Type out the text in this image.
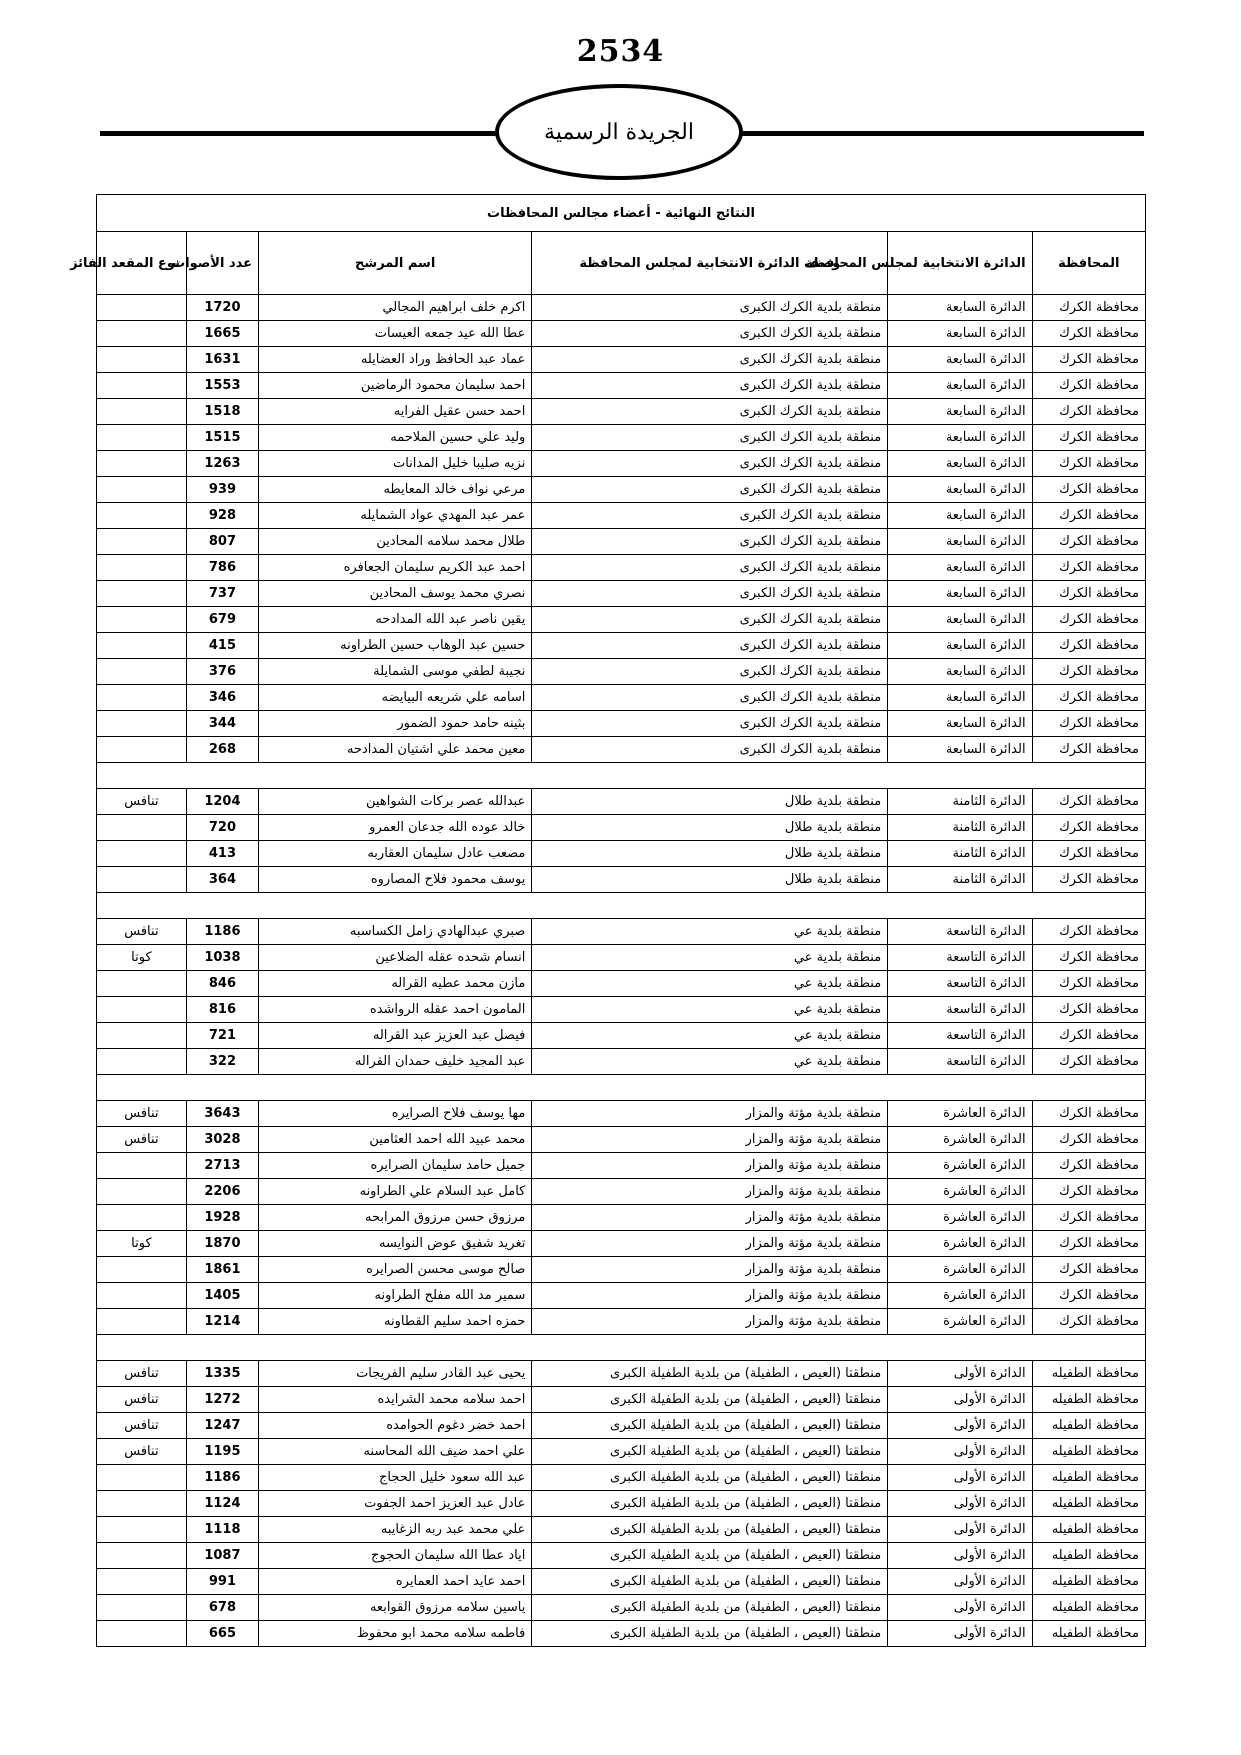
2534
الجريدة الرسمية
النتائج النهائية - أعضاء مجالس المحافظات					
المحافظة	الدائرة الانتخابية لمجلس المحافظة	وصف الدائرة الانتخابية لمجلس المحافظة	اسم المرشح	عدد الأصوات	نوع المقعد الفائز
محافظة الكرك	الدائرة السابعة	منطقة بلدية الكرك الكبرى	اكرم خلف ابراهيم المجالي	1720	
محافظة الكرك	الدائرة السابعة	منطقة بلدية الكرك الكبرى	عطا الله عيد جمعه العيسات	1665	
محافظة الكرك	الدائرة السابعة	منطقة بلدية الكرك الكبرى	عماد عبد الحافظ وراد العضايله	1631	
محافظة الكرك	الدائرة السابعة	منطقة بلدية الكرك الكبرى	احمد سليمان محمود الرماضين	1553	
محافظة الكرك	الدائرة السابعة	منطقة بلدية الكرك الكبرى	احمد حسن عقيل الفرايه	1518	
محافظة الكرك	الدائرة السابعة	منطقة بلدية الكرك الكبرى	وليد علي حسين الملاحمه	1515	
محافظة الكرك	الدائرة السابعة	منطقة بلدية الكرك الكبرى	نزيه صليبا خليل المدانات	1263	
محافظة الكرك	الدائرة السابعة	منطقة بلدية الكرك الكبرى	مرعي نواف خالد المعايطه	939	
محافظة الكرك	الدائرة السابعة	منطقة بلدية الكرك الكبرى	عمر عبد المهدي عواد الشمايله	928	
محافظة الكرك	الدائرة السابعة	منطقة بلدية الكرك الكبرى	طلال محمد سلامه المحادين	807	
محافظة الكرك	الدائرة السابعة	منطقة بلدية الكرك الكبرى	احمد عبد الكريم سليمان الجعافره	786	
محافظة الكرك	الدائرة السابعة	منطقة بلدية الكرك الكبرى	نصري محمد يوسف المحادين	737	
محافظة الكرك	الدائرة السابعة	منطقة بلدية الكرك الكبرى	يقين ناصر عبد الله المدادحه	679	
محافظة الكرك	الدائرة السابعة	منطقة بلدية الكرك الكبرى	حسين عبد الوهاب حسين الطراونه	415	
محافظة الكرك	الدائرة السابعة	منطقة بلدية الكرك الكبرى	نجيبة لطفي موسى الشمايلة	376	
محافظة الكرك	الدائرة السابعة	منطقة بلدية الكرك الكبرى	اسامه علي شريعه البيايضه	346	
محافظة الكرك	الدائرة السابعة	منطقة بلدية الكرك الكبرى	بثينه حامد حمود الضمور	344	
محافظة الكرك	الدائرة السابعة	منطقة بلدية الكرك الكبرى	معين محمد علي اشتيان المدادحه	268	

محافظة الكرك	الدائرة الثامنة	منطقة بلدية طلال	عبدالله عصر بركات الشواهين	1204	تنافس
محافظة الكرك	الدائرة الثامنة	منطقة بلدية طلال	خالد عوده الله جدعان العمرو	720	
محافظة الكرك	الدائرة الثامنة	منطقة بلدية طلال	مصعب عادل سليمان العقاربه	413	
محافظة الكرك	الدائرة الثامنة	منطقة بلدية طلال	يوسف محمود فلاح المصاروه	364	

محافظة الكرك	الدائرة التاسعة	منطقة بلدية عي	صبري عبدالهادي زامل الكساسبه	1186	تنافس
محافظة الكرك	الدائرة التاسعة	منطقة بلدية عي	انسام شحده عقله الضلاعين	1038	كوتا
محافظة الكرك	الدائرة التاسعة	منطقة بلدية عي	مازن محمد عطيه القراله	846	
محافظة الكرك	الدائرة التاسعة	منطقة بلدية عي	المامون احمد عقله الرواشده	816	
محافظة الكرك	الدائرة التاسعة	منطقة بلدية عي	فيصل عبد العزيز عبد القراله	721	
محافظة الكرك	الدائرة التاسعة	منطقة بلدية عي	عبد المجيد خليف حمدان القراله	322	

محافظة الكرك	الدائرة العاشرة	منطقة بلدية مؤتة والمزار	مها يوسف فلاح الصرايره	3643	تنافس
محافظة الكرك	الدائرة العاشرة	منطقة بلدية مؤتة والمزار	محمد عبيد الله احمد العثامين	3028	تنافس
محافظة الكرك	الدائرة العاشرة	منطقة بلدية مؤتة والمزار	جميل حامد سليمان الصرايره	2713	
محافظة الكرك	الدائرة العاشرة	منطقة بلدية مؤتة والمزار	كامل عبد السلام علي الطراونه	2206	
محافظة الكرك	الدائرة العاشرة	منطقة بلدية مؤتة والمزار	مرزوق حسن مرزوق المرابحه	1928	
محافظة الكرك	الدائرة العاشرة	منطقة بلدية مؤتة والمزار	تغريد شفيق عوض النوايسه	1870	كوتا
محافظة الكرك	الدائرة العاشرة	منطقة بلدية مؤتة والمزار	صالح موسى محسن الصرايره	1861	
محافظة الكرك	الدائرة العاشرة	منطقة بلدية مؤتة والمزار	سمير مد الله مفلح الطراونه	1405	
محافظة الكرك	الدائرة العاشرة	منطقة بلدية مؤتة والمزار	حمزه احمد سليم القطاونه	1214	

محافظة الطفيله	الدائرة الأولى	منطقتا (العيص ، الطفيلة) من بلدية الطفيلة الكبرى	يحيى عبد القادر سليم الفريجات	1335	تنافس
محافظة الطفيله	الدائرة الأولى	منطقتا (العيص ، الطفيلة) من بلدية الطفيلة الكبرى	احمد سلامه محمد الشرايده	1272	تنافس
محافظة الطفيله	الدائرة الأولى	منطقتا (العيص ، الطفيلة) من بلدية الطفيلة الكبرى	احمد خضر دغوم الحوامده	1247	تنافس
محافظة الطفيله	الدائرة الأولى	منطقتا (العيص ، الطفيلة) من بلدية الطفيلة الكبرى	علي احمد ضيف الله المحاسنه	1195	تنافس
محافظة الطفيله	الدائرة الأولى	منطقتا (العيص ، الطفيلة) من بلدية الطفيلة الكبرى	عبد الله سعود خليل الحجاج	1186	
محافظة الطفيله	الدائرة الأولى	منطقتا (العيص ، الطفيلة) من بلدية الطفيلة الكبرى	عادل عبد العزيز احمد الجفوت	1124	
محافظة الطفيله	الدائرة الأولى	منطقتا (العيص ، الطفيلة) من بلدية الطفيلة الكبرى	علي محمد عبد ربه الزغايبه	1118	
محافظة الطفيله	الدائرة الأولى	منطقتا (العيص ، الطفيلة) من بلدية الطفيلة الكبرى	اياد عطا الله سليمان الحجوج	1087	
محافظة الطفيله	الدائرة الأولى	منطقتا (العيص ، الطفيلة) من بلدية الطفيلة الكبرى	احمد عايد احمد العمايره	991	
محافظة الطفيله	الدائرة الأولى	منطقتا (العيص ، الطفيلة) من بلدية الطفيلة الكبرى	ياسين سلامه مرزوق القوابعه	678	
محافظة الطفيله	الدائرة الأولى	منطقتا (العيص ، الطفيلة) من بلدية الطفيلة الكبرى	فاطمه سلامه محمد ابو محفوظ	665	
